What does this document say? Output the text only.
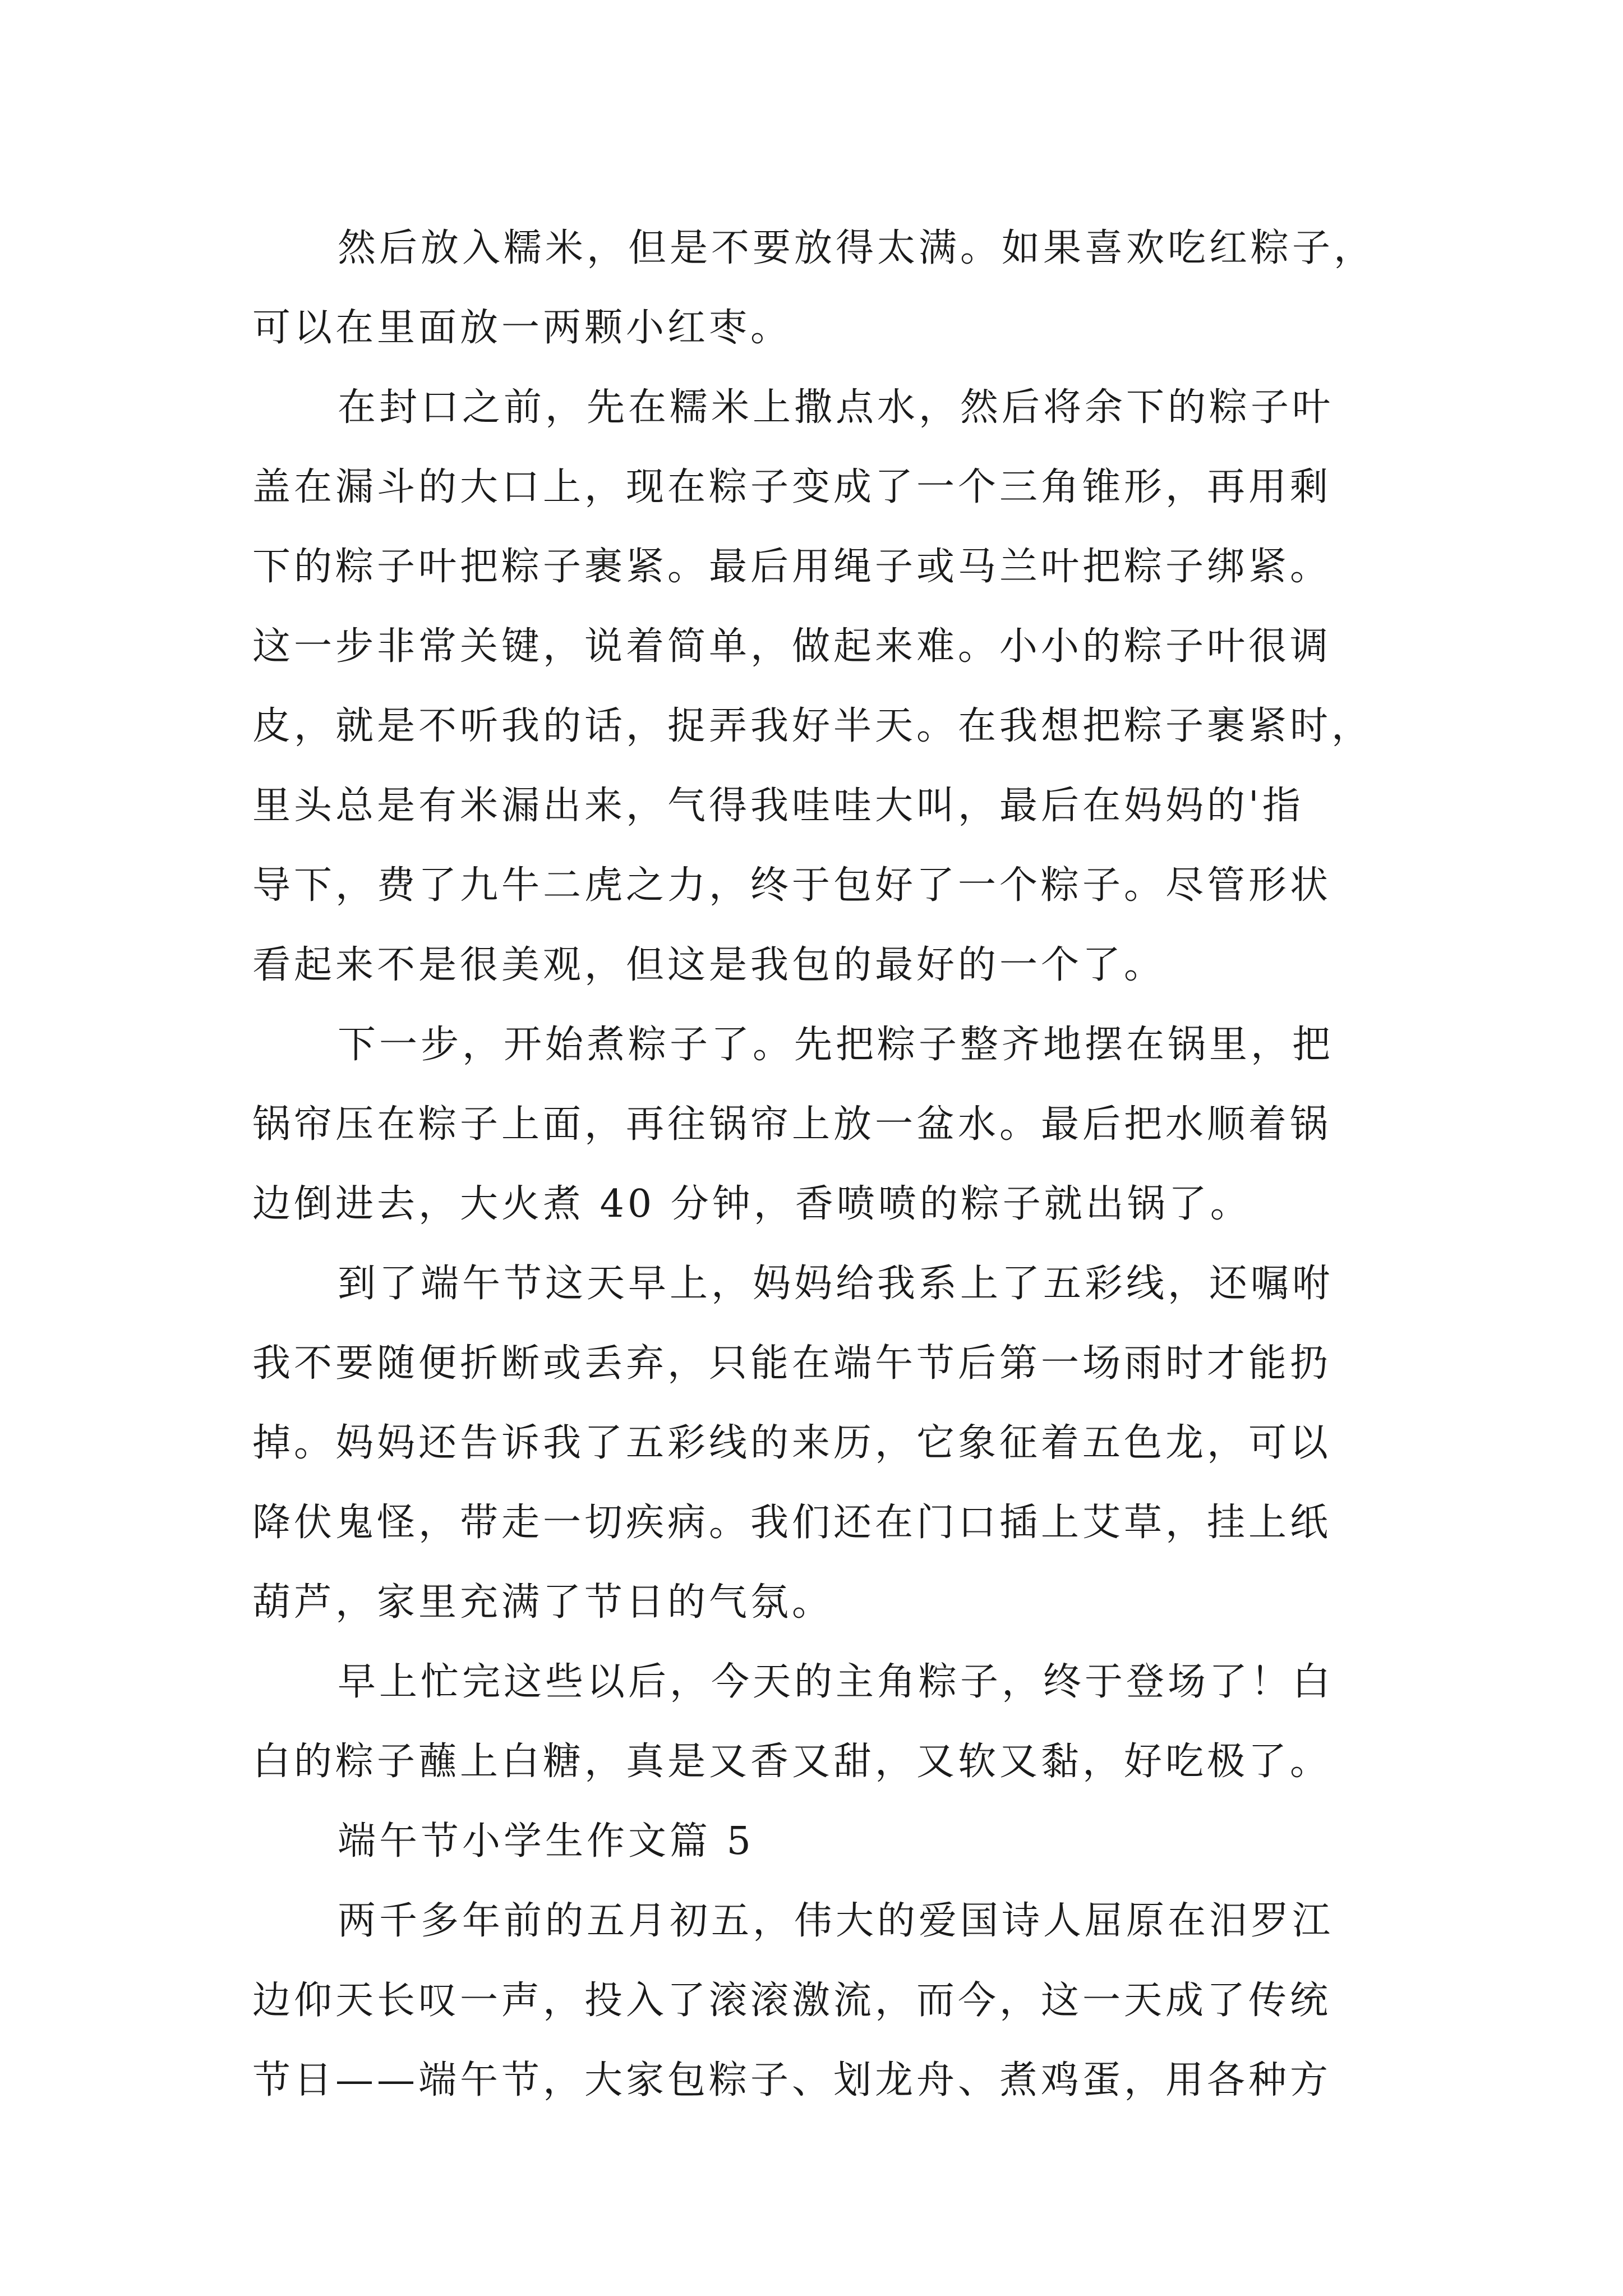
然后放入糯米，但是不要放得太满。如果喜欢吃红粽子，
可以在里面放一两颗小红枣。
在封口之前，先在糯米上撒点水，然后将余下的粽子叶
盖在漏斗的大口上，现在粽子变成了一个三角锥形，再用剩
下的粽子叶把粽子裹紧。最后用绳子或马兰叶把粽子绑紧。
这一步非常关键，说着简单，做起来难。小小的粽子叶很调
皮，就是不听我的话，捉弄我好半天。在我想把粽子裹紧时，
里头总是有米漏出来，气得我哇哇大叫，最后在妈妈的'指
导下，费了九牛二虎之力，终于包好了一个粽子。尽管形状
看起来不是很美观，但这是我包的最好的一个了。
下一步，开始煮粽子了。先把粽子整齐地摆在锅里，把
锅帘压在粽子上面，再往锅帘上放一盆水。最后把水顺着锅
边倒进去，大火煮 40 分钟，香喷喷的粽子就出锅了。
到了端午节这天早上，妈妈给我系上了五彩线，还嘱咐
我不要随便折断或丢弃，只能在端午节后第一场雨时才能扔
掉。妈妈还告诉我了五彩线的来历，它象征着五色龙，可以
降伏鬼怪，带走一切疾病。我们还在门口插上艾草，挂上纸
葫芦，家里充满了节日的气氛。
早上忙完这些以后，今天的主角粽子，终于登场了！白
白的粽子蘸上白糖，真是又香又甜，又软又黏，好吃极了。
端午节小学生作文篇 5
两千多年前的五月初五，伟大的爱国诗人屈原在汨罗江
边仰天长叹一声，投入了滚滚激流，而今，这一天成了传统
节日——端午节，大家包粽子、划龙舟、煮鸡蛋，用各种方
